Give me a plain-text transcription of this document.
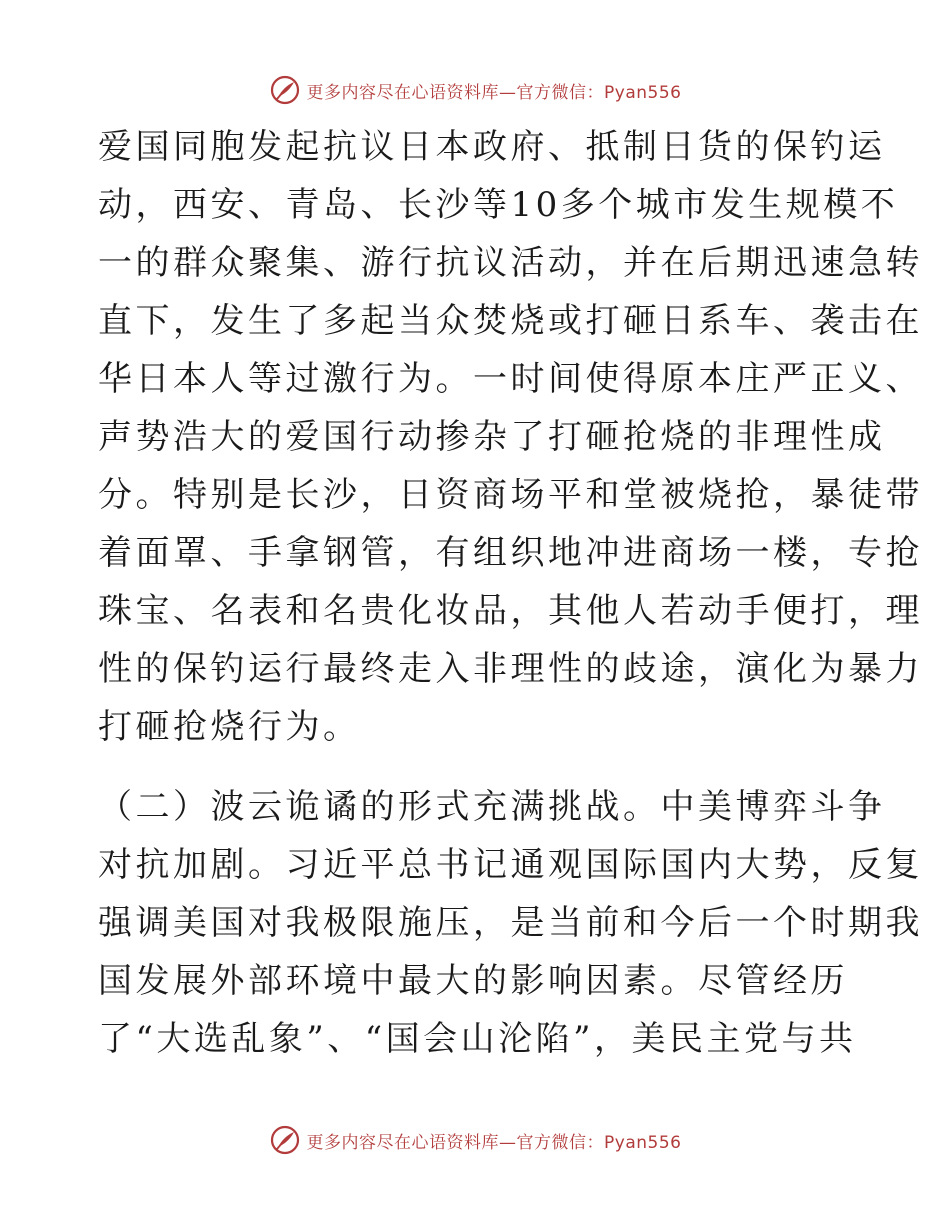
更多内容尽在心语资料库—官方微信：Pyan556
爱国同胞发起抗议日本政府、抵制日货的保钓运
动，西安、青岛、长沙等10多个城市发生规模不
一的群众聚集、游行抗议活动，并在后期迅速急转
直下，发生了多起当众焚烧或打砸日系车、袭击在
华日本人等过激行为。一时间使得原本庄严正义、
声势浩大的爱国行动掺杂了打砸抢烧的非理性成
分。特别是长沙，日资商场平和堂被烧抢，暴徒带
着面罩、手拿钢管，有组织地冲进商场一楼，专抢
珠宝、名表和名贵化妆品，其他人若动手便打，理
性的保钓运行最终走入非理性的歧途，演化为暴力
打砸抢烧行为。
（二）波云诡谲的形式充满挑战。中美博弈斗争
对抗加剧。习近平总书记通观国际国内大势，反复
强调美国对我极限施压，是当前和今后一个时期我
国发展外部环境中最大的影响因素。尽管经历
了“大选乱象”、“国会山沦陷”，美民主党与共
更多内容尽在心语资料库—官方微信：Pyan556
